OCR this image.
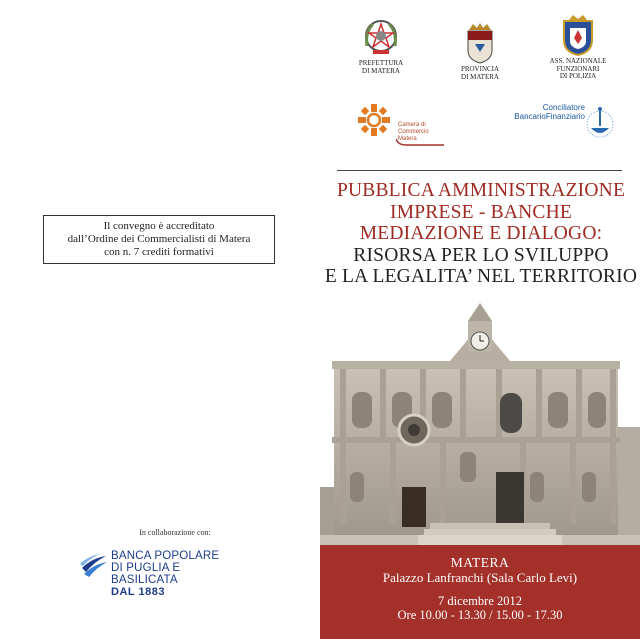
Il convegno è accreditato
dall’Ordine dei Commercialisti di Matera
con n. 7 crediti formativi
In collaborazione con:
BANCA POPOLARE
DI PUGLIA E BASILICATA
DAL 1883
PREFETTURA
DI MATERA	PROVINCIA
DI MATERA
ASS. NAZIONALE
FUNZIONARI
DI POLIZIA
Camera di Commercio
Matera
Conciliatore
BancarioFinanziario
PUBBLICA AMMINISTRAZIONE
IMPRESE - BANCHE
MEDIAZIONE E DIALOGO:
RISORSA PER LO SVILUPPO
E LA LEGALITA’ NEL TERRITORIO
MATERA
Palazzo Lanfranchi (Sala Carlo Levi)
7 dicembre 2012
Ore 10.00 - 13.30 / 15.00 - 17.30
